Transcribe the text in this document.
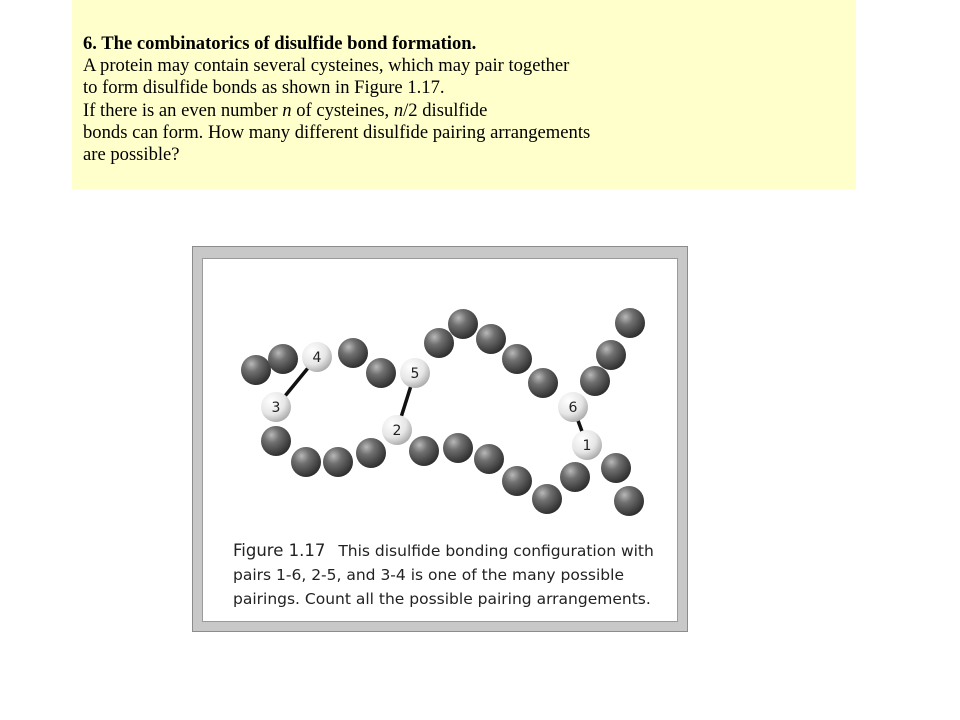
6. The combinatorics of disulfide bond formation.
A protein may contain several cysteines, which may pair together
to form disulfide bonds as shown in Figure 1.17.
If there is an even number n of cysteines, n/2 disulfide
bonds can form. How many different disulfide pairing arrangements
are possible?
4
5
6
3
2
1
Figure 1.17 This disulfide bonding configuration with
pairs 1-6, 2-5, and 3-4 is one of the many possible
pairings. Count all the possible pairing arrangements.
